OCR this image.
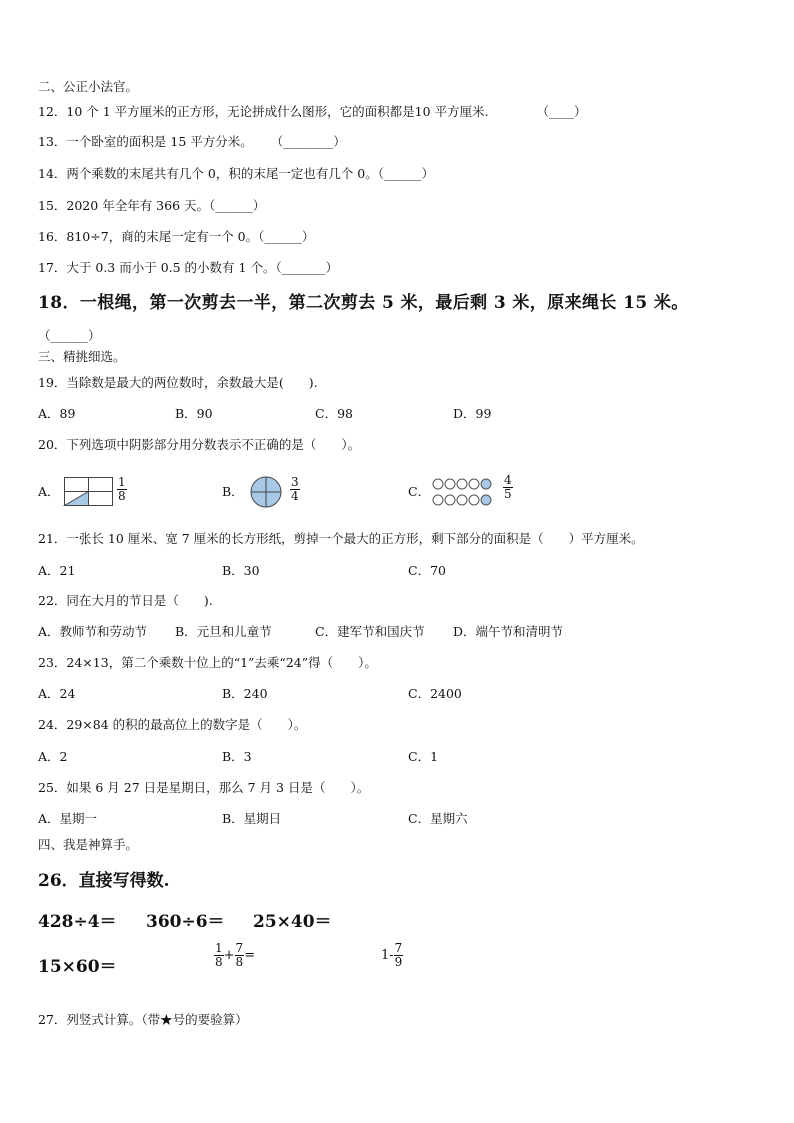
二、公正小法官。
12．10 个 1 平方厘米的正方形，无论拼成什么图形，它的面积都是10 平方厘米.	（____）
13．一个卧室的面积是 15 平方分米。 （________）
14．两个乘数的末尾共有几个 0，积的末尾一定也有几个 0。（______）
15．2020 年全年有 366 天。（______）
16．810÷7，商的末尾一定有一个 0。（______）
17．大于 0.3 而小于 0.5 的小数有 1 个。（_______）
18．一根绳，第一次剪去一半，第二次剪去 5 米，最后剩 3 米，原来绳长 15 米。
（______）
三、精挑细选。
19．当除数是最大的两位数时，余数最大是(　　).
A．89	B．90	C．98	D．99
20．下列选项中阴影部分用分数表示不正确的是（　　）。
A．	$\frac{1}{8}$	B．	$\frac{3}{4}$	C．	$\frac{4}{5}$
21．一张长 10 厘米、宽 7 厘米的长方形纸，剪掉一个最大的正方形，剩下部分的面积是（　　）平方厘米。
A．21	B．30	C．70
22．同在大月的节日是（　　).
A．教师节和劳动节 B．元旦和儿童节	C．建军节和国庆节 D．端午节和清明节
23．24×13，第二个乘数十位上的“1”去乘“24”得（　　）。
A．24	B．240	C．2400
24．29×84 的积的最高位上的数字是（　　）。
A．2	B．3	C．1
25．如果 6 月 27 日是星期日，那么 7 月 3 日是（　　）。
A．星期一	B．星期日	C．星期六
四、我是神算手。
26．直接写得数.
428÷4＝ 360÷6＝ 25×40＝
15×60＝	$\frac{1}{8} + \frac{7}{8}$ =	$1- \frac{7}{9}$
27．列竖式计算。（带★号的要验算）
